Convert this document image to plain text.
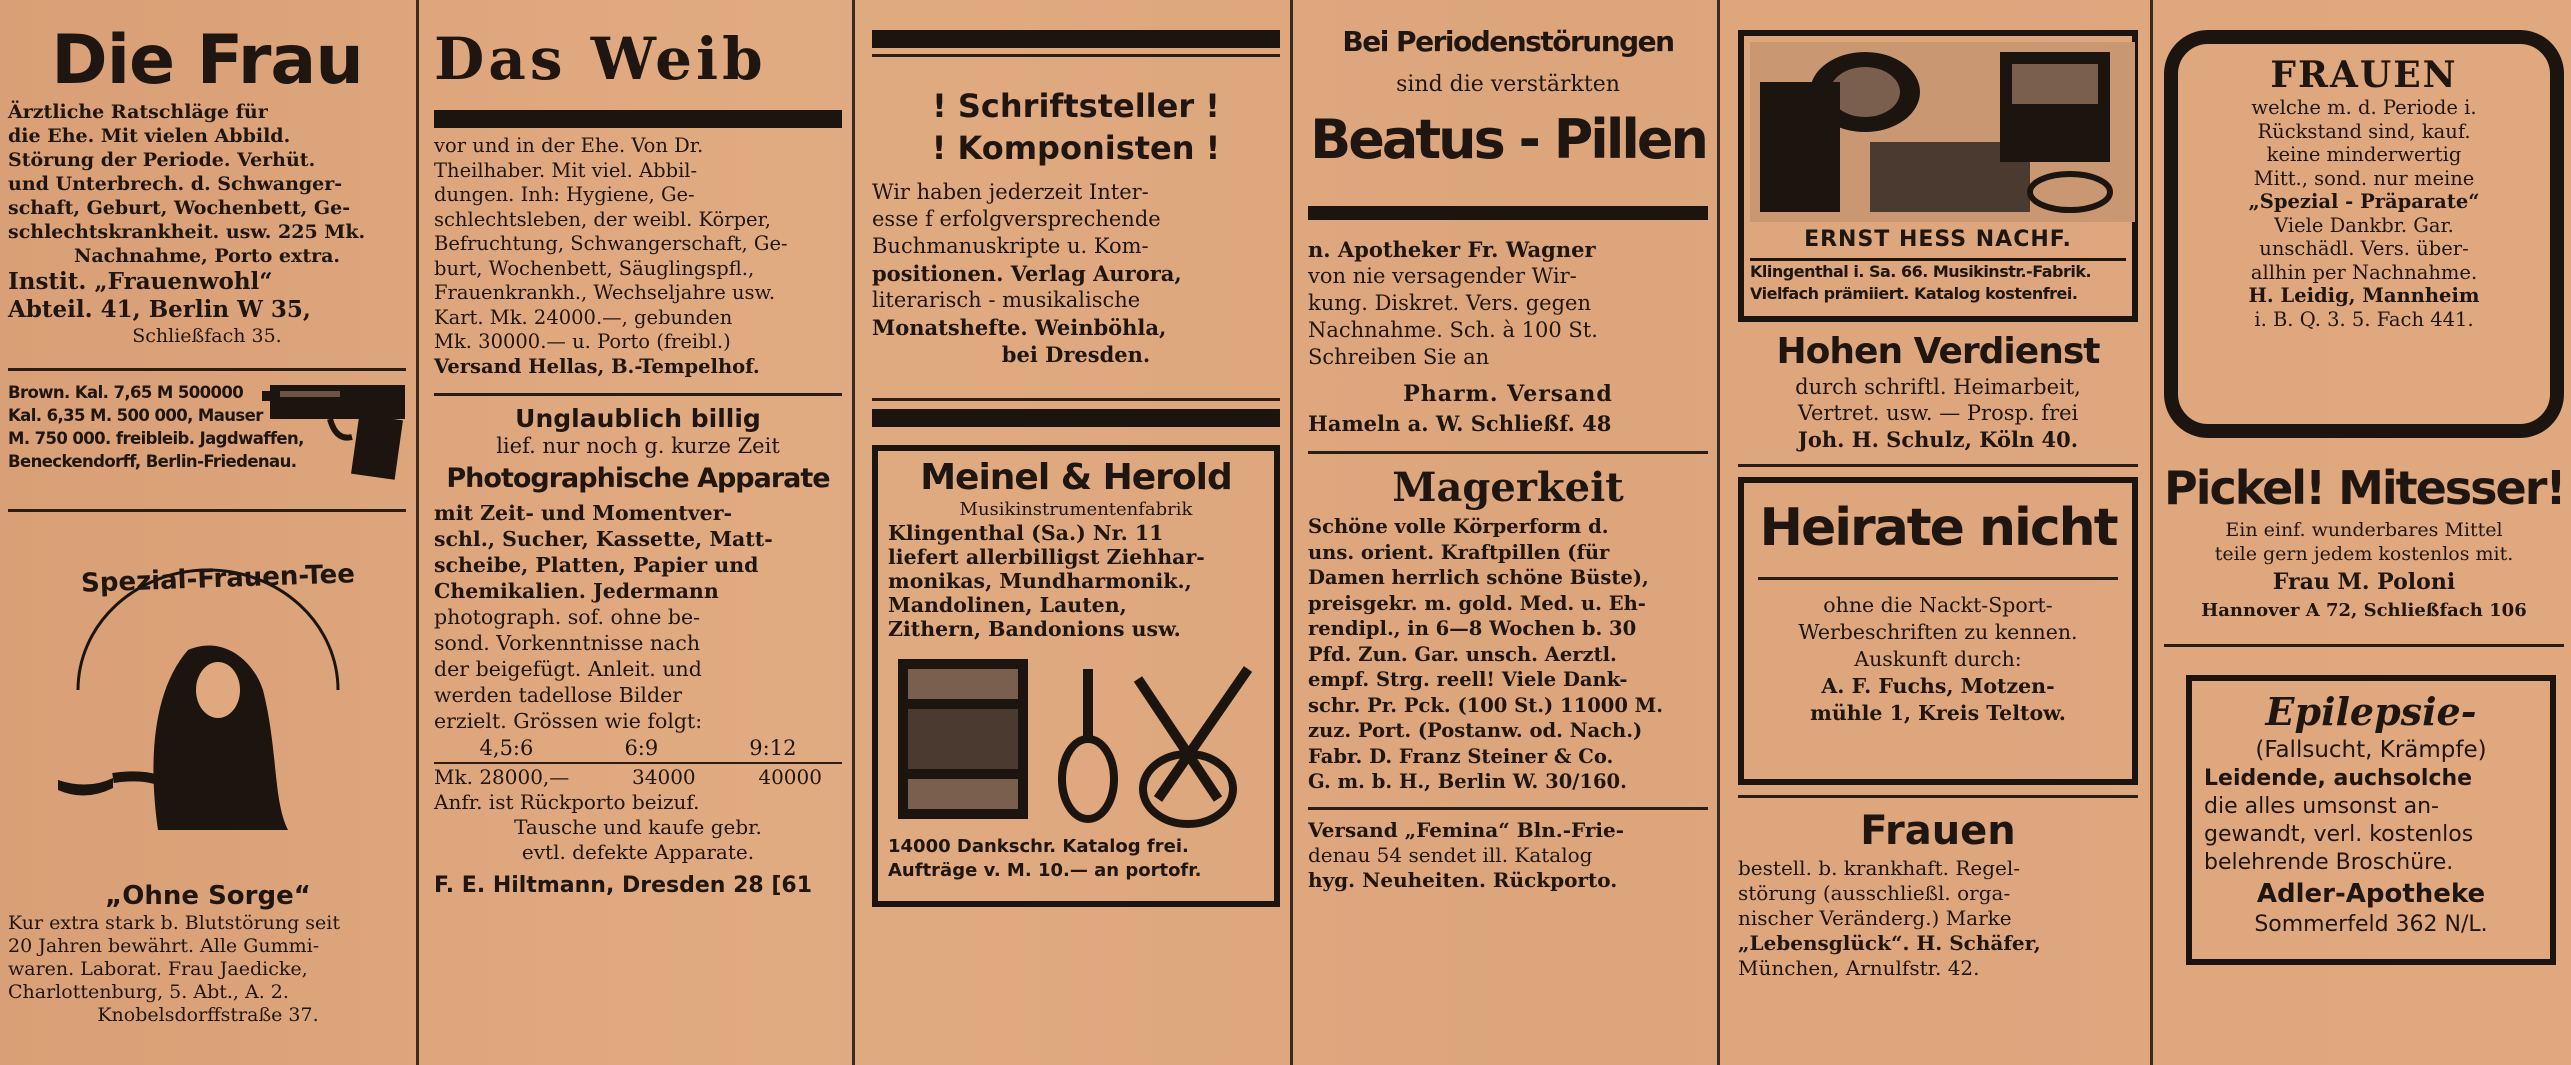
Die Frau
Ärztliche Ratschläge für
die Ehe. Mit vielen Abbild.
Störung der Periode. Verhüt.
und Unterbrech. d. Schwanger-
schaft, Geburt, Wochenbett, Ge-
schlechtskrankheit. usw. 225 Mk.
Nachnahme, Porto extra.
Instit. „Frauenwohl“
Abteil. 41, Berlin W 35,
Schließfach 35.
Brown. Kal. 7,65 M 500000
Kal. 6,35 M. 500 000, Mauser
M. 750 000. freibleib. Jagdwaffen,
Beneckendorff, Berlin-Friedenau.
Spezial-Frauen-Tee
„Ohne Sorge“
Kur extra stark b. Blutstörung seit
20 Jahren bewährt. Alle Gummi-
waren. Laborat. Frau Jaedicke,
Charlottenburg, 5. Abt., A. 2.
Knobelsdorffstraße 37.
Das Weib
vor und in der Ehe. Von Dr.
Theilhaber. Mit viel. Abbil-
dungen. Inh: Hygiene, Ge-
schlechtsleben, der weibl. Körper,
Befruchtung, Schwangerschaft, Ge-
burt, Wochenbett, Säuglingspfl.,
Frauenkrankh., Wechseljahre usw.
Kart. Mk. 24000.—, gebunden
Mk. 30000.— u. Porto (freibl.)
Versand Hellas, B.-Tempelhof.
Unglaublich billig
lief. nur noch g. kurze Zeit
Photographische Apparate
mit Zeit- und Momentver-
schl., Sucher, Kassette, Matt-
scheibe, Platten, Papier und
Chemikalien. Jedermann
photograph. sof. ohne be-
sond. Vorkenntnisse nach
der beigefügt. Anleit. und
werden tadellose Bilder
erzielt. Grössen wie folgt:
4,5:6	6:9	9:12
Mk. 28000,—	34000	40000
Anfr. ist Rückporto beizuf.
Tausche und kaufe gebr.
evtl. defekte Apparate.
F. E. Hiltmann, Dresden 28 [61
! Schriftsteller !
! Komponisten !
Wir haben jederzeit Inter-
esse f erfolgversprechende
Buchmanuskripte u. Kom-
positionen. Verlag Aurora,
literarisch - musikalische
Monatshefte. Weinböhla,
bei Dresden.
Meinel & Herold
Musikinstrumentenfabrik
Klingenthal (Sa.) Nr. 11
liefert allerbilligst Ziehhar-
monikas, Mundharmonik.,
Mandolinen, Lauten,
Zithern, Bandonions usw.
14000 Dankschr. Katalog frei.
Aufträge v. M. 10.— an portofr.
Bei Periodenstörungen
sind die verstärkten
Beatus - Pillen
n. Apotheker Fr. Wagner
von nie versagender Wir-
kung. Diskret. Vers. gegen
Nachnahme. Sch. à 100 St.
Schreiben Sie an
Pharm. Versand
Hameln a. W. Schließf. 48
Magerkeit
Schöne volle Körperform d.
uns. orient. Kraftpillen (für
Damen herrlich schöne Büste),
preisgekr. m. gold. Med. u. Eh-
rendipl., in 6—8 Wochen b. 30
Pfd. Zun. Gar. unsch. Aerztl.
empf. Strg. reell! Viele Dank-
schr. Pr. Pck. (100 St.) 11000 M.
zuz. Port. (Postanw. od. Nach.)
Fabr. D. Franz Steiner & Co.
G. m. b. H., Berlin W. 30/160.
Versand „Femina“ Bln.-Frie-
denau 54 sendet ill. Katalog
hyg. Neuheiten. Rückporto.
ERNST HESS NACHF.
Klingenthal i. Sa. 66. Musikinstr.-Fabrik.
Vielfach prämiiert. Katalog kostenfrei.
Hohen Verdienst
durch schriftl. Heimarbeit,
Vertret. usw. — Prosp. frei
Joh. H. Schulz, Köln 40.
Heirate nicht
ohne die Nackt-Sport-
Werbeschriften zu kennen.
Auskunft durch:
A. F. Fuchs, Motzen-
mühle 1, Kreis Teltow.
Frauen
bestell. b. krankhaft. Regel-
störung (ausschließl. orga-
nischer Veränderg.) Marke
„Lebensglück“. H. Schäfer,
München, Arnulfstr. 42.
FRAUEN
welche m. d. Periode i.
Rückstand sind, kauf.
keine minderwertig
Mitt., sond. nur meine
„Spezial - Präparate“
Viele Dankbr. Gar.
unschädl. Vers. über-
allhin per Nachnahme.
H. Leidig, Mannheim
i. B. Q. 3. 5. Fach 441.
Pickel! Mitesser!
Ein einf. wunderbares Mittel
teile gern jedem kostenlos mit.
Frau M. Poloni
Hannover A 72, Schließfach 106
Epilepsie-
(Fallsucht, Krämpfe)
Leidende, auchsolche
die alles umsonst an-
gewandt, verl. kostenlos
belehrende Broschüre.
Adler-Apotheke
Sommerfeld 362 N/L.
